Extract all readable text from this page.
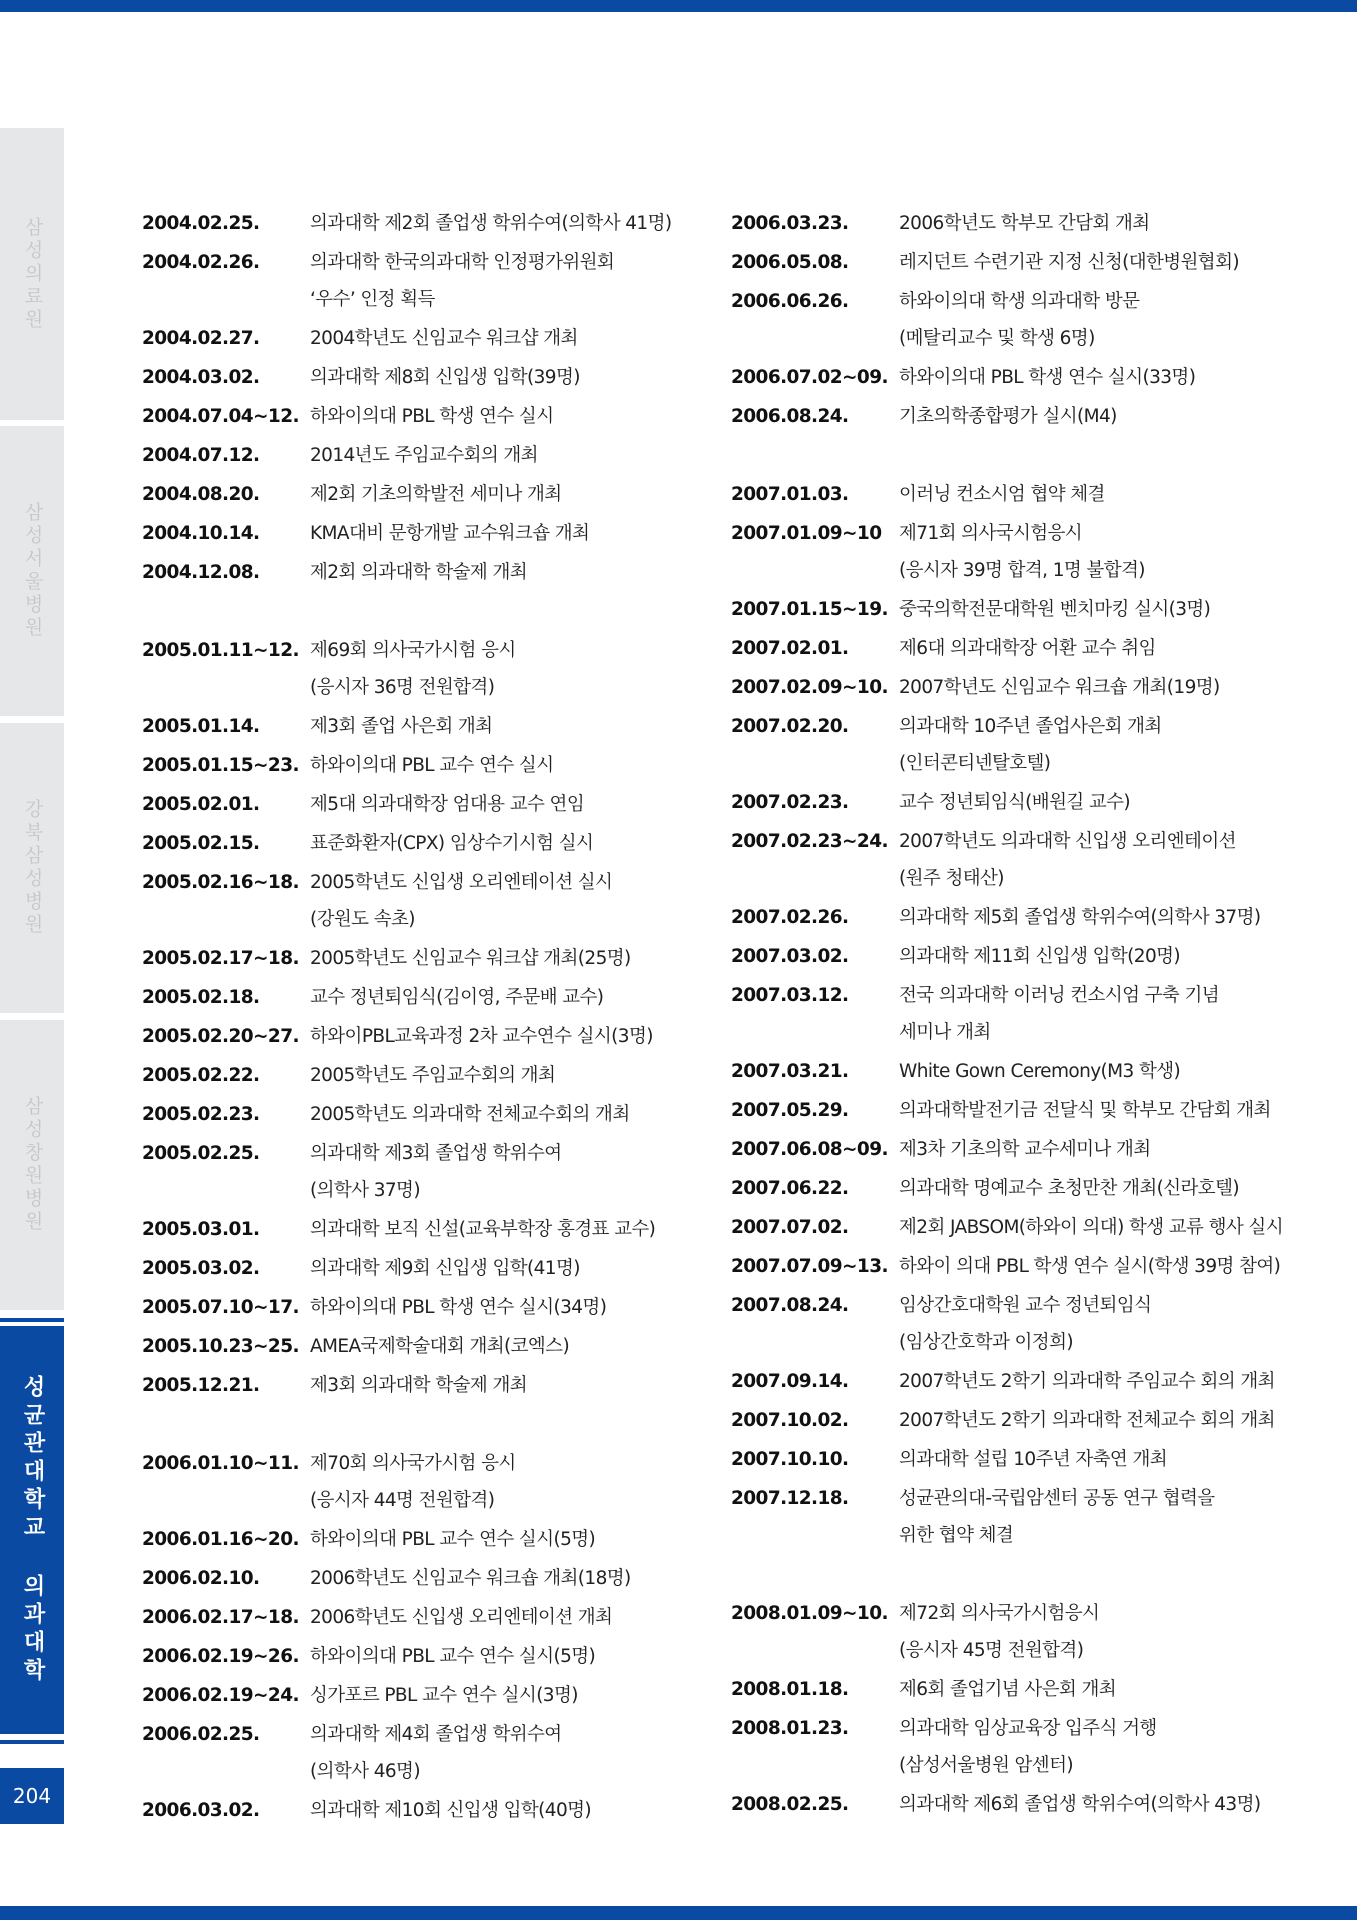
삼성의료원
삼성서울병원
강북삼성병원
삼성창원병원
성균관대학교 의과대학
204
2004.02.25.	의과대학 제2회 졸업생 학위수여(의학사 41명)
2004.02.26.	의과대학 한국의과대학 인정평가위원회
‘우수’ 인정 획득
2004.02.27.	2004학년도 신임교수 워크샵 개최
2004.03.02.	의과대학 제8회 신입생 입학(39명)
2004.07.04~12. 하와이의대 PBL 학생 연수 실시
2004.07.12.	2014년도 주임교수회의 개최
2004.08.20.	제2회 기초의학발전 세미나 개최
2004.10.14.	KMA대비 문항개발 교수워크숍 개최
2004.12.08.	제2회 의과대학 학술제 개최
2005.01.11~12. 제69회 의사국가시험 응시
(응시자 36명 전원합격)
2005.01.14.	제3회 졸업 사은회 개최
2005.01.15~23. 하와이의대 PBL 교수 연수 실시
2005.02.01.	제5대 의과대학장 엄대용 교수 연임
2005.02.15.	표준화환자(CPX) 임상수기시험 실시
2005.02.16~18. 2005학년도 신입생 오리엔테이션 실시
(강원도 속초)
2005.02.17~18. 2005학년도 신임교수 워크샵 개최(25명)
2005.02.18.	교수 정년퇴임식(김이영, 주문배 교수)
2005.02.20~27. 하와이PBL교육과정 2차 교수연수 실시(3명)
2005.02.22.	2005학년도 주임교수회의 개최
2005.02.23.	2005학년도 의과대학 전체교수회의 개최
2005.02.25.	의과대학 제3회 졸업생 학위수여
(의학사 37명)
2005.03.01.	의과대학 보직 신설(교육부학장 홍경표 교수)
2005.03.02.	의과대학 제9회 신입생 입학(41명)
2005.07.10~17. 하와이의대 PBL 학생 연수 실시(34명)
2005.10.23~25. AMEA국제학술대회 개최(코엑스)
2005.12.21.	제3회 의과대학 학술제 개최
2006.01.10~11. 제70회 의사국가시험 응시
(응시자 44명 전원합격)
2006.01.16~20. 하와이의대 PBL 교수 연수 실시(5명)
2006.02.10.	2006학년도 신임교수 워크숍 개최(18명)
2006.02.17~18. 2006학년도 신입생 오리엔테이션 개최
2006.02.19~26. 하와이의대 PBL 교수 연수 실시(5명)
2006.02.19~24. 싱가포르 PBL 교수 연수 실시(3명)
2006.02.25.	의과대학 제4회 졸업생 학위수여
(의학사 46명)
2006.03.02.	의과대학 제10회 신입생 입학(40명)
2006.03.23.	2006학년도 학부모 간담회 개최
2006.05.08.	레지던트 수련기관 지정 신청(대한병원협회)
2006.06.26.	하와이의대 학생 의과대학 방문
(메탈리교수 및 학생 6명)
2006.07.02~09. 하와이의대 PBL 학생 연수 실시(33명)
2006.08.24.	기초의학종합평가 실시(M4)
2007.01.03.	이러닝 컨소시엄 협약 체결
2007.01.09~10 제71회 의사국시험응시
(응시자 39명 합격, 1명 불합격)
2007.01.15~19. 중국의학전문대학원 벤치마킹 실시(3명)
2007.02.01.	제6대 의과대학장 어환 교수 취임
2007.02.09~10. 2007학년도 신임교수 워크숍 개최(19명)
2007.02.20.	의과대학 10주년 졸업사은회 개최
(인터콘티넨탈호텔)
2007.02.23.	교수 정년퇴임식(배원길 교수)
2007.02.23~24. 2007학년도 의과대학 신입생 오리엔테이션
(원주 청태산)
2007.02.26.	의과대학 제5회 졸업생 학위수여(의학사 37명)
2007.03.02.	의과대학 제11회 신입생 입학(20명)
2007.03.12.	전국 의과대학 이러닝 컨소시엄 구축 기념
세미나 개최
2007.03.21.	White Gown Ceremony(M3 학생)
2007.05.29.	의과대학발전기금 전달식 및 학부모 간담회 개최
2007.06.08~09. 제3차 기초의학 교수세미나 개최
2007.06.22.	의과대학 명예교수 초청만찬 개최(신라호텔)
2007.07.02.	제2회 JABSOM(하와이 의대) 학생 교류 행사 실시
2007.07.09~13. 하와이 의대 PBL 학생 연수 실시(학생 39명 참여)
2007.08.24.	임상간호대학원 교수 정년퇴임식
(임상간호학과 이정희)
2007.09.14.	2007학년도 2학기 의과대학 주임교수 회의 개최
2007.10.02.	2007학년도 2학기 의과대학 전체교수 회의 개최
2007.10.10.	의과대학 설립 10주년 자축연 개최
2007.12.18.	성균관의대-국립암센터 공동 연구 협력을
위한 협약 체결
2008.01.09~10. 제72회 의사국가시험응시
(응시자 45명 전원합격)
2008.01.18.	제6회 졸업기념 사은회 개최
2008.01.23.	의과대학 임상교육장 입주식 거행
(삼성서울병원 암센터)
2008.02.25.	의과대학 제6회 졸업생 학위수여(의학사 43명)
